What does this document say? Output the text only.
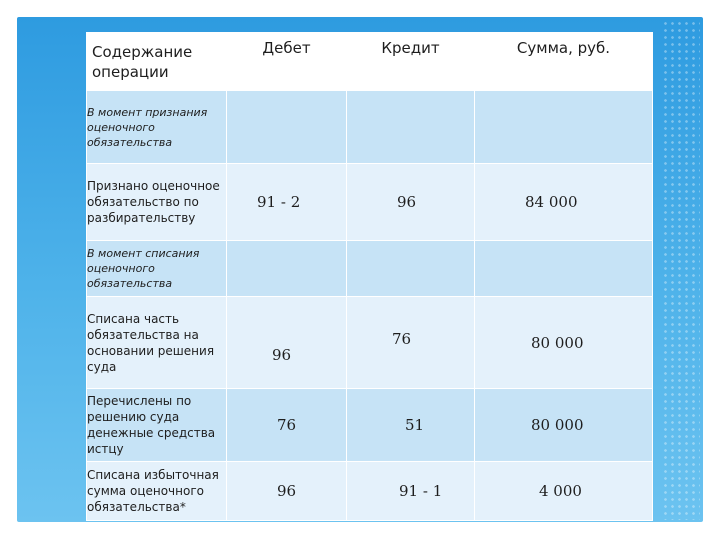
Содержание операции	Дебет	Кредит	Сумма, руб.
В момент признания оценочного обязательства			
Признано оценочное обязательство по разбирательству	91 - 2	96	84 000
В момент списания оценочного обязательства			
Списана часть обязательства на основании решения суда	96	76	80 000
Перечислены по решению суда денежные средства истцу	76	51	80 000
Списана избыточная сумма оценочного обязательства*	96	91 - 1	4 000
